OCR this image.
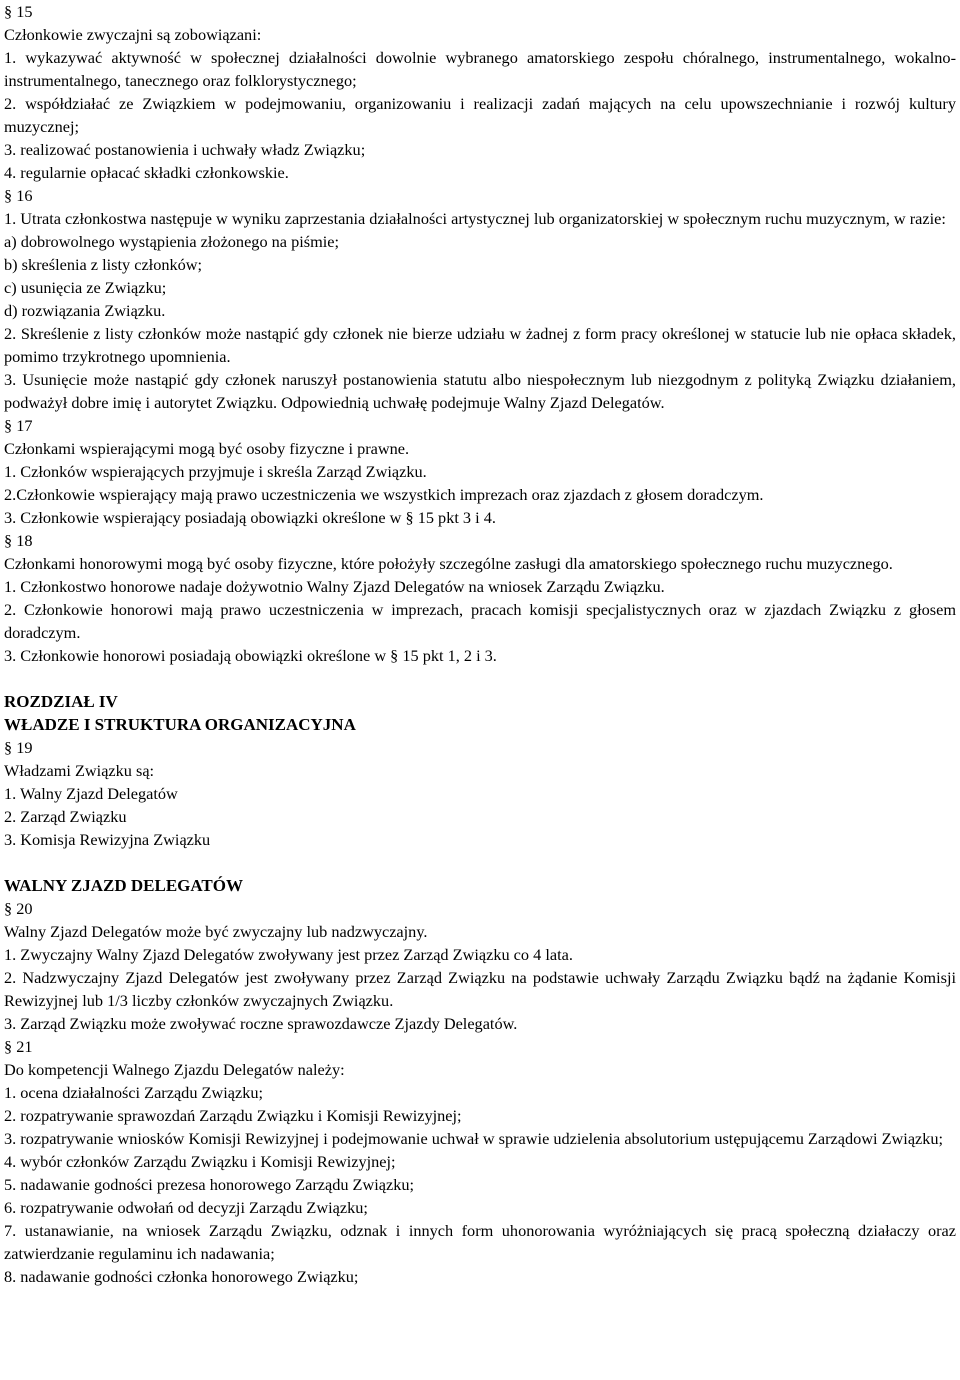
§ 15

Członkowie zwyczajni są zobowiązani:

1. wykazywać aktywność w społecznej działalności dowolnie wybranego amatorskiego zespołu chóralnego, instrumentalnego, wokalno-instrumentalnego, tanecznego oraz folklorystycznego;

2. współdziałać ze Związkiem w podejmowaniu, organizowaniu i realizacji zadań mających na celu upowszechnianie i rozwój kultury muzycznej;

3. realizować postanowienia i uchwały władz Związku;

4. regularnie opłacać składki członkowskie.

§ 16

1. Utrata członkostwa następuje w wyniku zaprzestania działalności artystycznej lub organizatorskiej w społecznym ruchu muzycznym, w razie:

a) dobrowolnego wystąpienia złożonego na piśmie;

b) skreślenia z listy członków;

c) usunięcia ze Związku;

d) rozwiązania Związku.

2. Skreślenie z listy członków może nastąpić gdy członek nie bierze udziału w żadnej z form pracy określonej w statucie lub nie opłaca składek, pomimo trzykrotnego upomnienia.

3. Usunięcie może nastąpić gdy członek naruszył postanowienia statutu albo niespołecznym lub niezgodnym z polityką Związku działaniem, podważył dobre imię i autorytet Związku. Odpowiednią uchwałę podejmuje Walny Zjazd Delegatów.

§ 17

Członkami wspierającymi mogą być osoby fizyczne i prawne.

1. Członków wspierających przyjmuje i skreśla Zarząd Związku.

2.Członkowie wspierający mają prawo uczestniczenia we wszystkich imprezach oraz zjazdach z głosem doradczym.

3. Członkowie wspierający posiadają obowiązki określone w § 15 pkt 3 i 4.

§ 18

Członkami honorowymi mogą być osoby fizyczne, które położyły szczególne zasługi dla amatorskiego społecznego ruchu muzycznego.

1. Członkostwo honorowe nadaje dożywotnio Walny Zjazd Delegatów na wniosek Zarządu Związku.

2. Członkowie honorowi mają prawo uczestniczenia w imprezach, pracach komisji specjalistycznych oraz w zjazdach Związku z głosem doradczym.

3. Członkowie honorowi posiadają obowiązki określone w § 15 pkt 1, 2 i 3.

ROZDZIAŁ IV

WŁADZE I STRUKTURA ORGANIZACYJNA

§ 19

Władzami Związku są:

1. Walny Zjazd Delegatów

2. Zarząd Związku

3. Komisja Rewizyjna Związku

WALNY ZJAZD DELEGATÓW

§ 20

Walny Zjazd Delegatów może być zwyczajny lub nadzwyczajny.

1. Zwyczajny Walny Zjazd Delegatów zwoływany jest przez Zarząd Związku co 4 lata.

2. Nadzwyczajny Zjazd Delegatów jest zwoływany przez Zarząd Związku na podstawie uchwały Zarządu Związku bądź na żądanie Komisji Rewizyjnej lub 1/3 liczby członków zwyczajnych Związku.

3. Zarząd Związku może zwoływać roczne sprawozdawcze Zjazdy Delegatów.

§ 21

Do kompetencji Walnego Zjazdu Delegatów należy:

1. ocena działalności Zarządu Związku;

2. rozpatrywanie sprawozdań Zarządu Związku i Komisji Rewizyjnej;

3. rozpatrywanie wniosków Komisji Rewizyjnej i podejmowanie uchwał w sprawie udzielenia absolutorium ustępującemu Zarządowi Związku;

4. wybór członków Zarządu Związku i Komisji Rewizyjnej;

5. nadawanie godności prezesa honorowego Zarządu Związku;

6. rozpatrywanie odwołań od decyzji Zarządu Związku;

7. ustanawianie, na wniosek Zarządu Związku, odznak i innych form uhonorowania wyróżniających się pracą społeczną działaczy oraz zatwierdzanie regulaminu ich nadawania;

8. nadawanie godności członka honorowego Związku;
